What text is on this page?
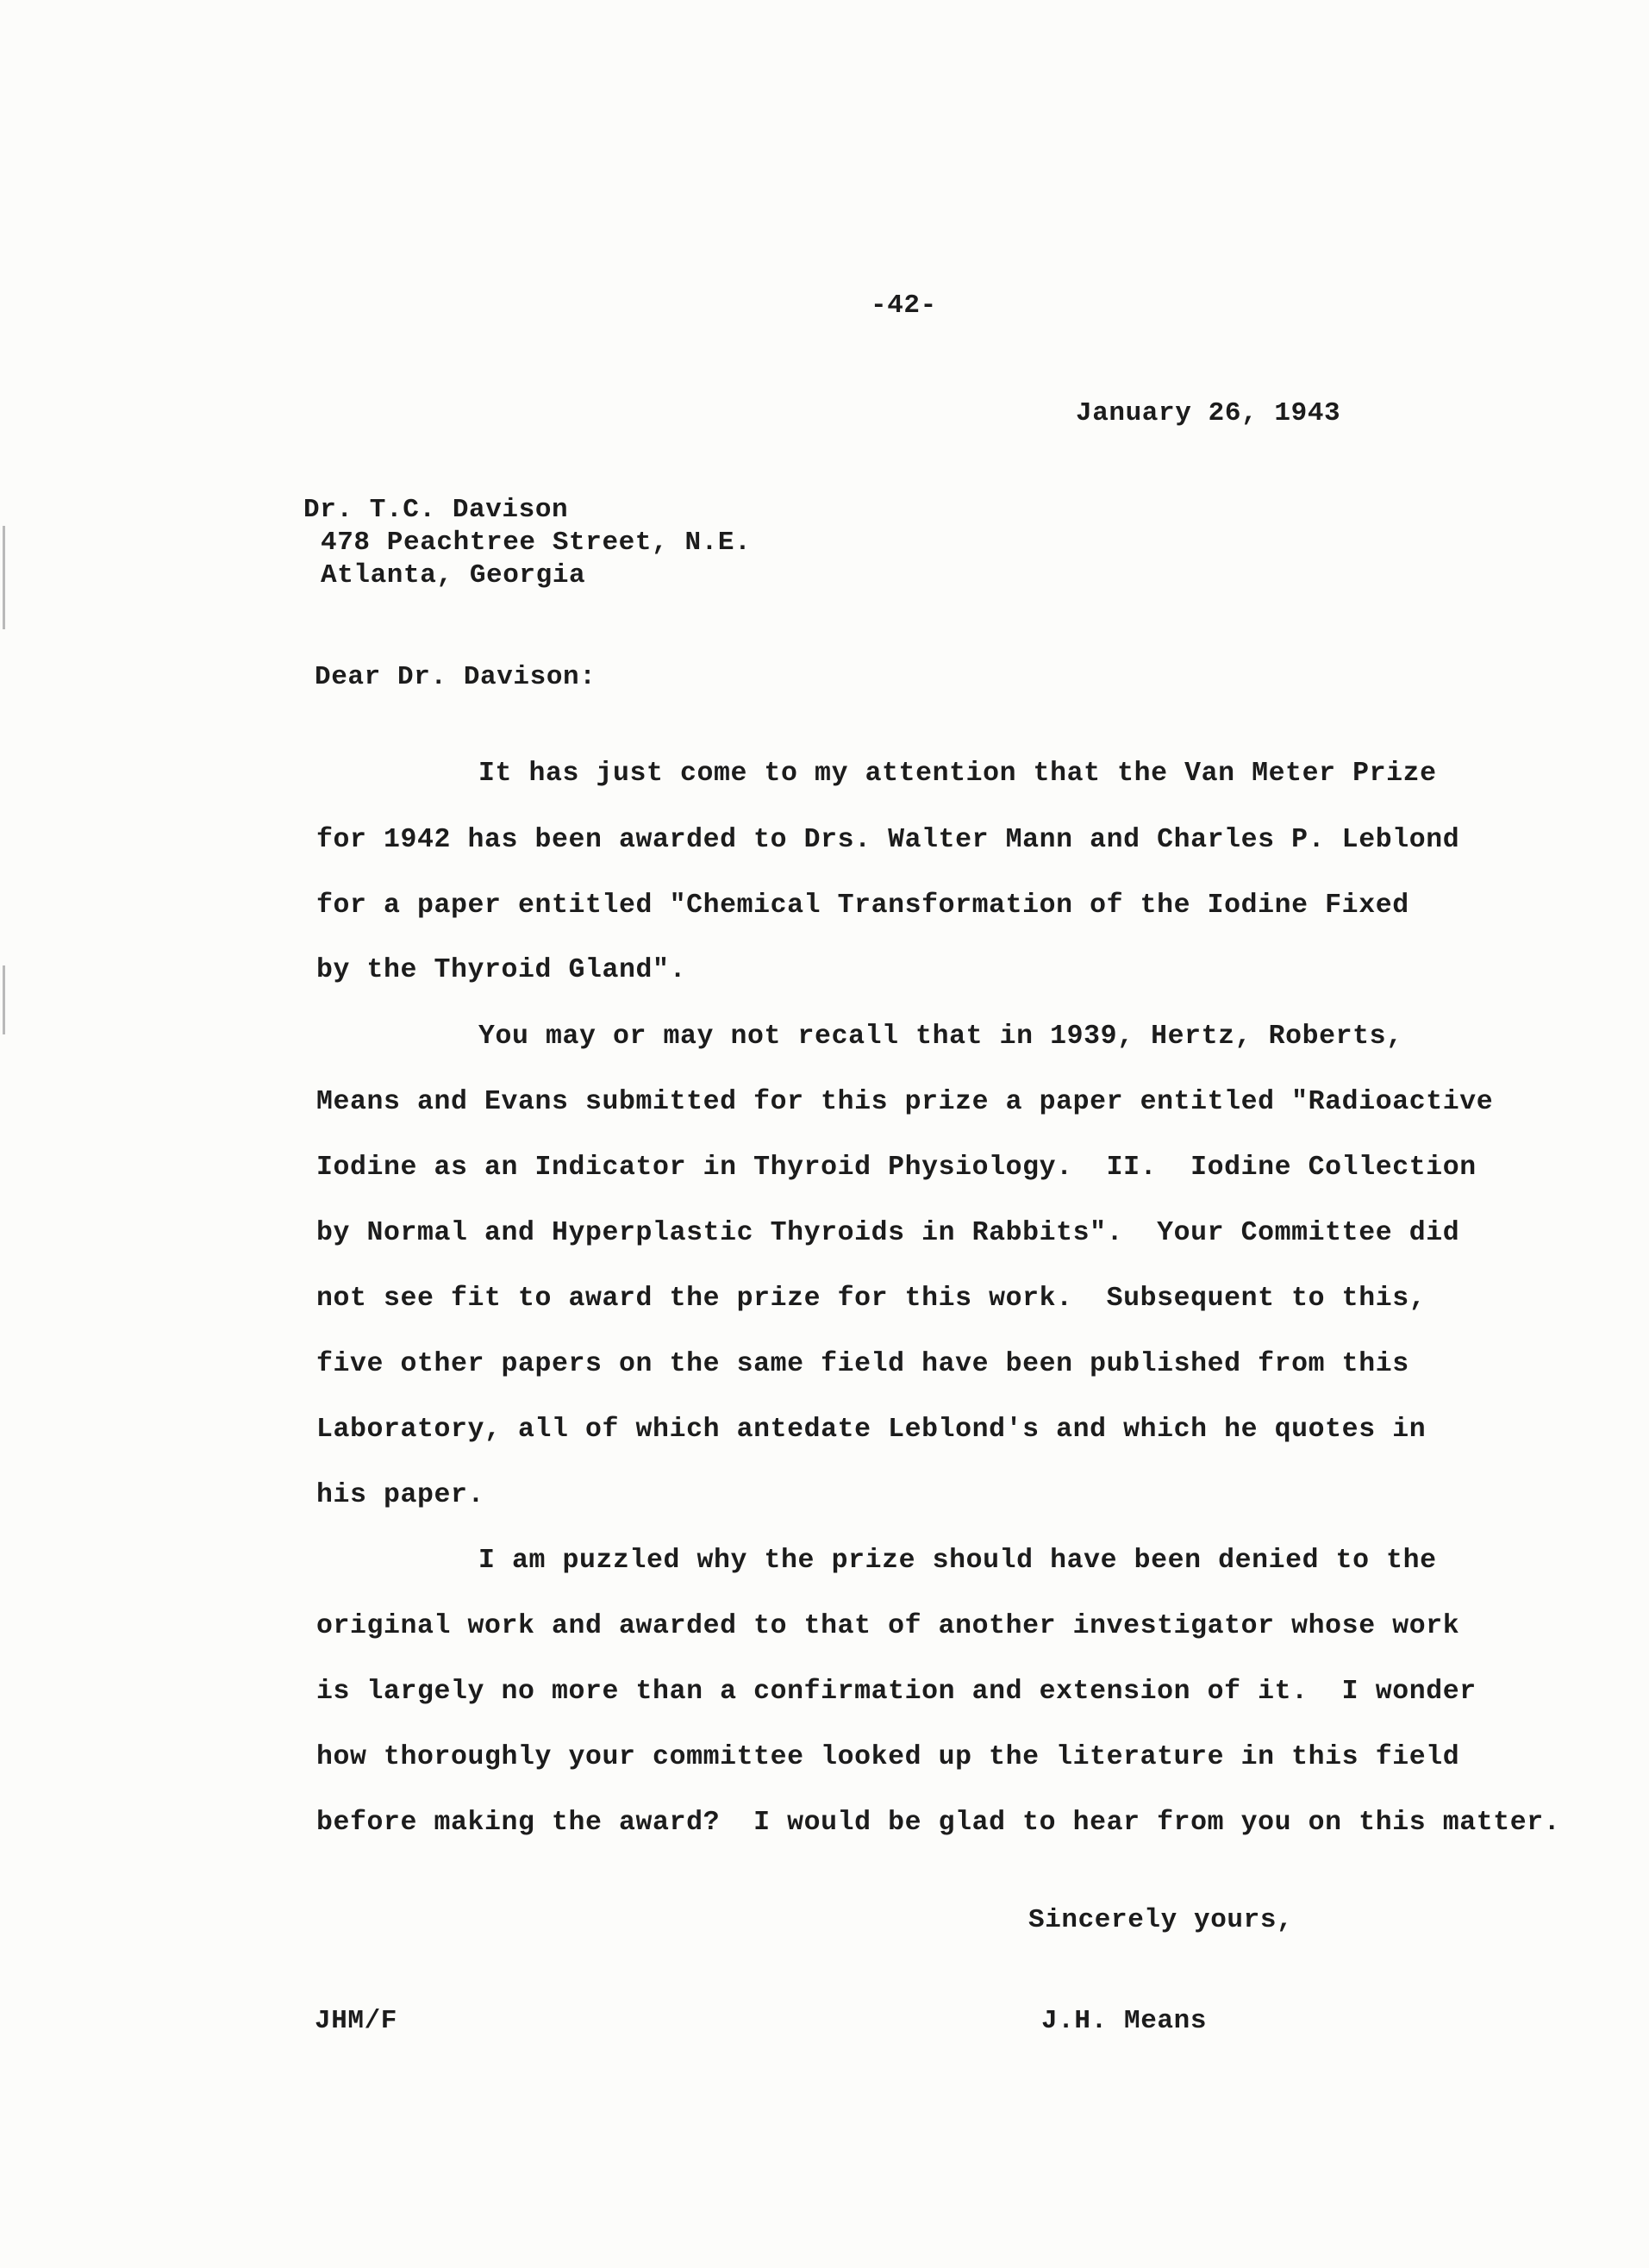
-42-
January 26, 1943
Dr. T.C. Davison
478 Peachtree Street, N.E.
Atlanta, Georgia
Dear Dr. Davison:
It has just come to my attention that the Van Meter Prize
for 1942 has been awarded to Drs. Walter Mann and Charles P. Leblond
for a paper entitled "Chemical Transformation of the Iodine Fixed
by the Thyroid Gland".
You may or may not recall that in 1939, Hertz, Roberts,
Means and Evans submitted for this prize a paper entitled "Radioactive
Iodine as an Indicator in Thyroid Physiology.  II.  Iodine Collection
by Normal and Hyperplastic Thyroids in Rabbits".  Your Committee did
not see fit to award the prize for this work.  Subsequent to this,
five other papers on the same field have been published from this
Laboratory, all of which antedate Leblond's and which he quotes in
his paper.
I am puzzled why the prize should have been denied to the
original work and awarded to that of another investigator whose work
is largely no more than a confirmation and extension of it.  I wonder
how thoroughly your committee looked up the literature in this field
before making the award?  I would be glad to hear from you on this matter.
Sincerely yours,
JHM/F	J.H. Means
